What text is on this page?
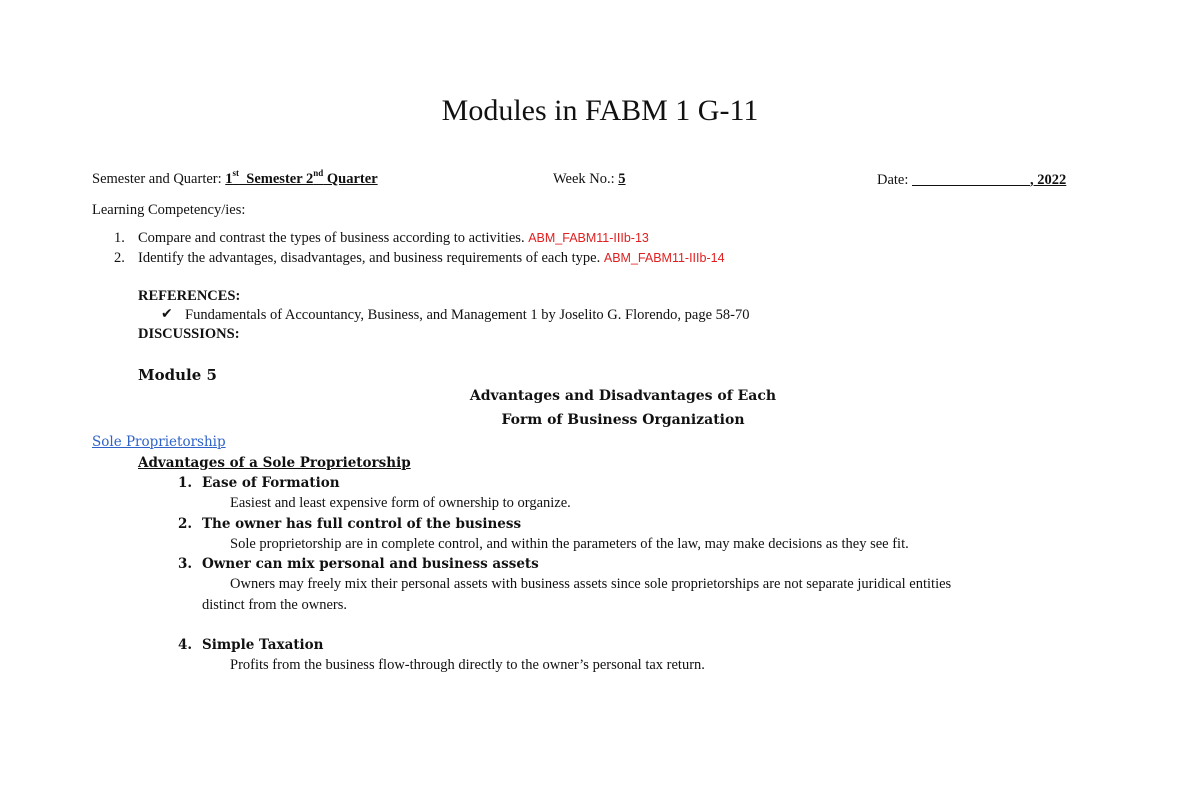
Modules in FABM 1 G-11
Semester and Quarter: 1st  Semester 2nd Quarter	Week No.: 5	Date:	, 2022
Learning Competency/ies:
1. Compare and contrast the types of business according to activities. ABM_FABM11-IIIb-13
2. Identify the advantages, disadvantages, and business requirements of each type. ABM_FABM11-IIIb-14
REFERENCES:
✔ Fundamentals of Accountancy, Business, and Management 1 by Joselito G. Florendo, page 58-70
DISCUSSIONS:
Module 5
Advantages and Disadvantages of Each
Form of Business Organization
Sole Proprietorship
Advantages of a Sole Proprietorship
1. Ease of Formation
Easiest and least expensive form of ownership to organize.
2. The owner has full control of the business
Sole proprietorship are in complete control, and within the parameters of the law, may make decisions as they see fit.
3. Owner can mix personal and business assets
Owners may freely mix their personal assets with business assets since sole proprietorships are not separate juridical entities
distinct from the owners.
4. Simple Taxation
Profits from the business flow-through directly to the owner’s personal tax return.
